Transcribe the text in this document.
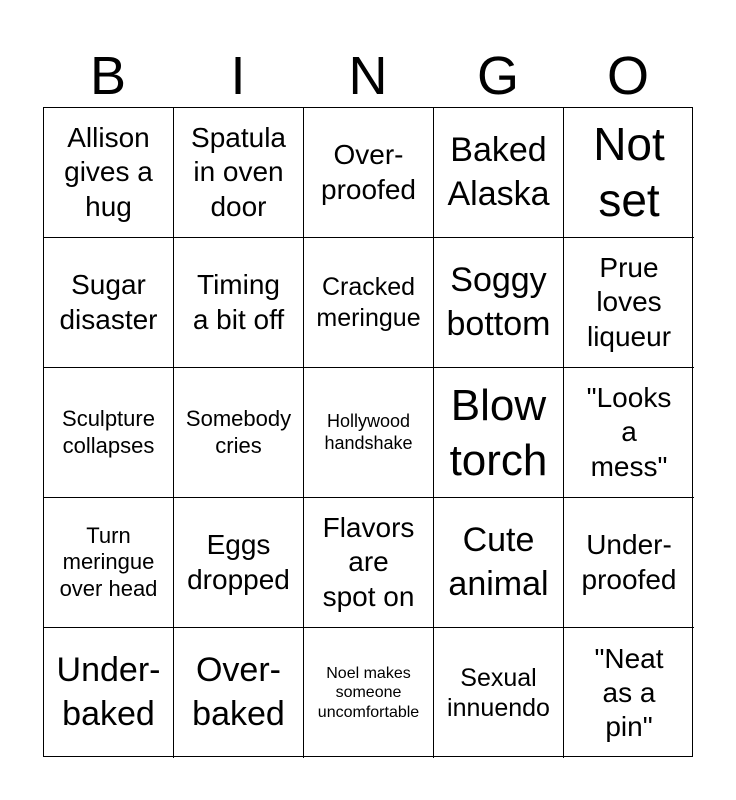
B	I	N	G	O
Allison
gives a
hug
Spatula
in oven
door
Over-
proofed
Baked
Alaska
Not
set
Sugar
disaster
Timing
a bit off
Cracked
meringue
Soggy
bottom
Prue
loves
liqueur
Sculpture
collapses
Somebody
cries
Hollywood
handshake
Blow
torch
"Looks
a
mess"
Turn
meringue
over head
Eggs
dropped
Flavors
are
spot on
Cute
animal
Under-
proofed
Under-
baked
Over-
baked
Noel makes
someone
uncomfortable
Sexual
innuendo
"Neat
as a
pin"
